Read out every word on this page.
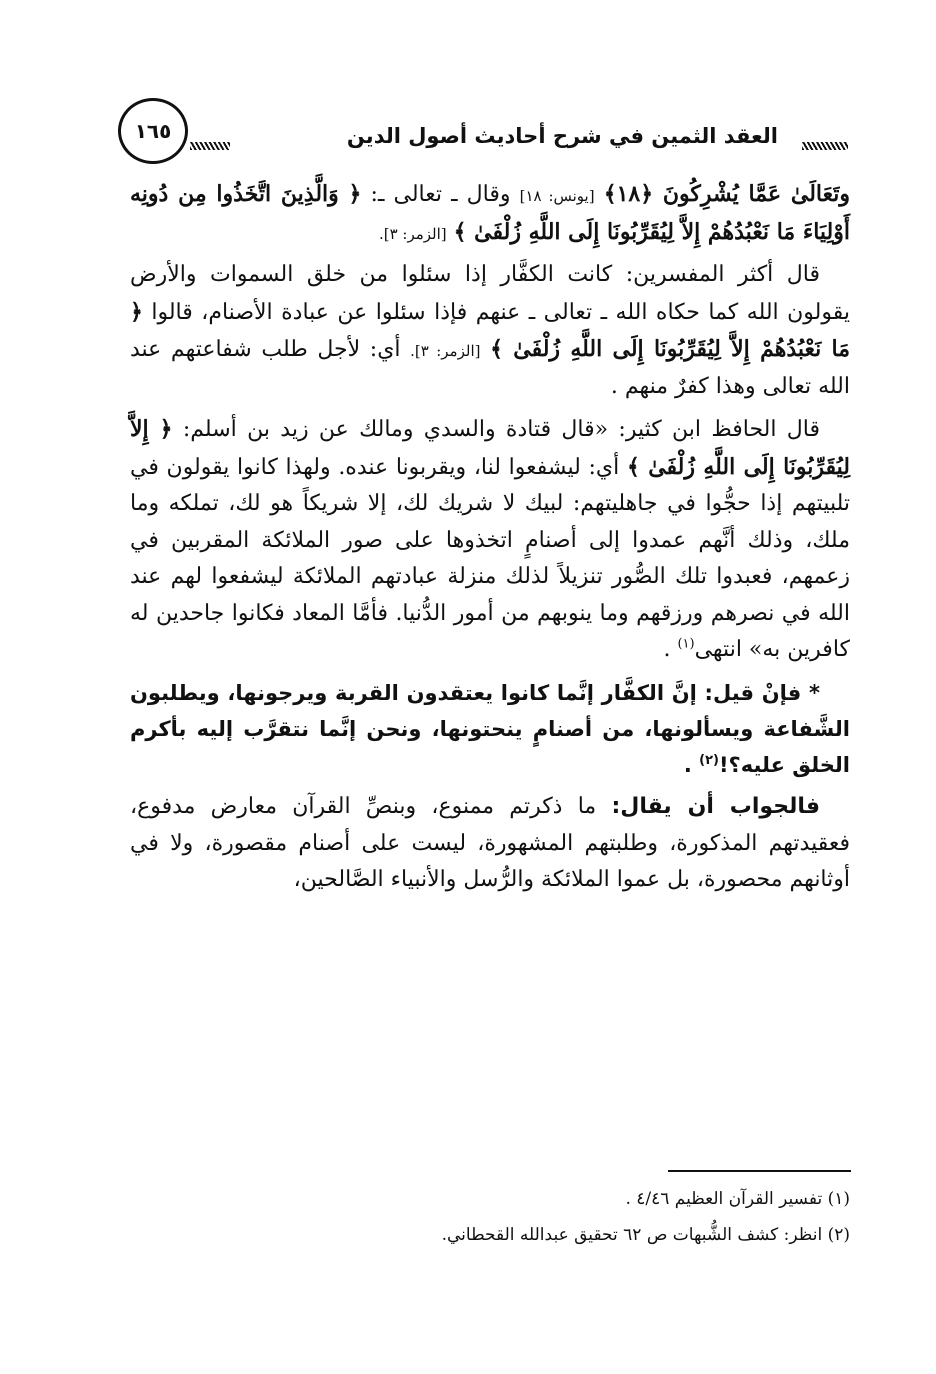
العقد الثمين في شرح أحاديث أصول الدين
١٦٥

وتَعَالَىٰ عَمَّا يُشْرِكُونَ ﴿١٨﴾ [يونس: ١٨] وقال ـ تعالى ـ: ﴿ وَالَّذِينَ اتَّخَذُوا مِن دُونِه أَوْلِيَاءَ مَا نَعْبُدُهُمْ إِلاَّ لِيُقَرِّبُونَا إِلَى اللَّهِ زُلْفَىٰ ﴾ [الزمر: ٣].

قال أكثر المفسرين: كانت الكفَّار إذا سئلوا من خلق السموات والأرض يقولون الله كما حكاه الله ـ تعالى ـ عنهم فإذا سئلوا عن عبادة الأصنام، قالوا ﴿ مَا نَعْبُدُهُمْ إِلاَّ لِيُقَرِّبُونَا إِلَى اللَّهِ زُلْفَىٰ ﴾ [الزمر: ٣]. أي: لأجل طلب شفاعتهم عند الله تعالى وهذا كفرٌ منهم .

قال الحافظ ابن كثير: «قال قتادة والسدي ومالك عن زيد بن أسلم: ﴿ إِلاَّ لِيُقَرِّبُونَا إِلَى اللَّهِ زُلْفَىٰ ﴾ أي: ليشفعوا لنا، ويقربونا عنده. ولهذا كانوا يقولون في تلبيتهم إذا حجُّوا في جاهليتهم: لبيك لا شريك لك، إلا شريكاً هو لك، تملكه وما ملك، وذلك أنَّهم عمدوا إلى أصنامٍ اتخذوها على صور الملائكة المقربين في زعمهم، فعبدوا تلك الصُّور تنزيلاً لذلك منزلة عبادتهم الملائكة ليشفعوا لهم عند الله في نصرهم ورزقهم وما ينوبهم من أمور الدُّنيا. فأمَّا المعاد فكانوا جاحدين له كافرين به» انتهى$^{(١)}$ .

* فإنْ قيل: إنَّ الكفَّار إنَّما كانوا يعتقدون القربة ويرجونها، ويطلبون الشَّفاعة ويسألونها، من أصنامٍ ينحتونها، ونحن إنَّما نتقرَّب إليه بأكرم الخلق عليه؟!$^{(٢)}$ .

فالجواب أن يقال: ما ذكرتم ممنوع، وبنصِّ القرآن معارض مدفوع، فعقيدتهم المذكورة، وطلبتهم المشهورة، ليست على أصنام مقصورة، ولا في أوثانهم محصورة، بل عموا الملائكة والرُّسل والأنبياء الصَّالحين،

(١) تفسير القرآن العظيم ٤/٤٦ .
(٢) انظر: كشف الشُّبهات ص ٦٢ تحقيق عبدالله القحطاني.
